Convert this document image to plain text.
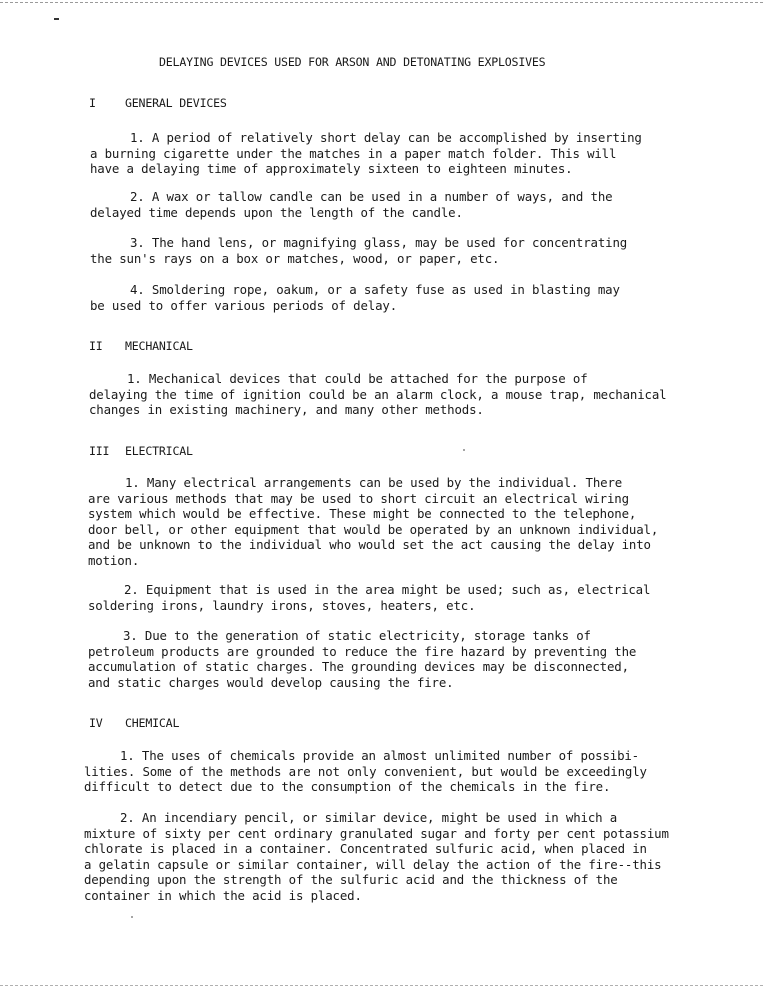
DELAYING DEVICES USED FOR ARSON AND DETONATING EXPLOSIVES
I	GENERAL DEVICES

1. A period of relatively short delay can be accomplished by inserting
a burning cigarette under the matches in a paper match folder. This will
have a delaying time of approximately sixteen to eighteen minutes.

2. A wax or tallow candle can be used in a number of ways, and the
delayed time depends upon the length of the candle.

3. The hand lens, or magnifying glass, may be used for concentrating
the sun's rays on a box or matches, wood, or paper, etc.

4. Smoldering rope, oakum, or a safety fuse as used in blasting may
be used to offer various periods of delay.

II MECHANICAL

1. Mechanical devices that could be attached for the purpose of
delaying the time of ignition could be an alarm clock, a mouse trap, mechanical
changes in existing machinery, and many other methods.

III ELECTRICAL

1. Many electrical arrangements can be used by the individual. There
are various methods that may be used to short circuit an electrical wiring
system which would be effective. These might be connected to the telephone,
door bell, or other equipment that would be operated by an unknown individual,
and be unknown to the individual who would set the act causing the delay into
motion.

2. Equipment that is used in the area might be used; such as, electrical
soldering irons, laundry irons, stoves, heaters, etc.

3. Due to the generation of static electricity, storage tanks of
petroleum products are grounded to reduce the fire hazard by preventing the
accumulation of static charges. The grounding devices may be disconnected,
and static charges would develop causing the fire.

IV CHEMICAL

1. The uses of chemicals provide an almost unlimited number of possibi-
lities. Some of the methods are not only convenient, but would be exceedingly
difficult to detect due to the consumption of the chemicals in the fire.

2. An incendiary pencil, or similar device, might be used in which a
mixture of sixty per cent ordinary granulated sugar and forty per cent potassium
chlorate is placed in a container. Concentrated sulfuric acid, when placed in
a gelatin capsule or similar container, will delay the action of the fire--this
depending upon the strength of the sulfuric acid and the thickness of the
container in which the acid is placed.
